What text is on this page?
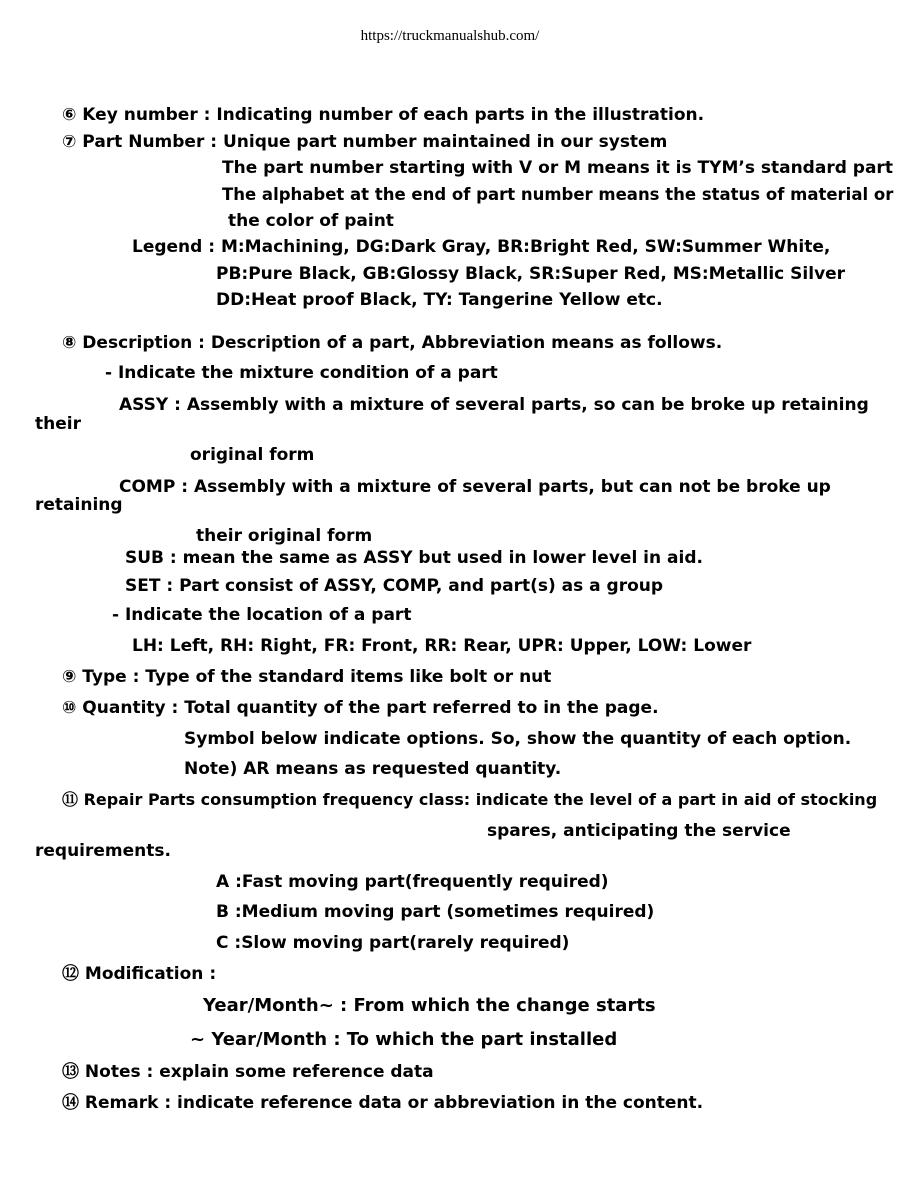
https://truckmanualshub.com/
⑥ Key number : Indicating number of each parts in the illustration.
⑦ Part Number : Unique part number maintained in our system
The part number starting with V or M means it is TYM’s standard part
The alphabet at the end of part number means the status of material or
the color of paint
Legend : M:Machining, DG:Dark Gray, BR:Bright Red, SW:Summer White,
PB:Pure Black, GB:Glossy Black, SR:Super Red, MS:Metallic Silver
DD:Heat proof Black, TY: Tangerine Yellow etc.
⑧ Description : Description of a part, Abbreviation means as follows.
- Indicate the mixture condition of a part
ASSY : Assembly with a mixture of several parts, so can be broke up retaining
their
original form
COMP : Assembly with a mixture of several parts, but can not be broke up
retaining
their original form
SUB : mean the same as ASSY but used in lower level in aid.
SET : Part consist of ASSY, COMP, and part(s) as a group
- Indicate the location of a part
LH: Left, RH: Right, FR: Front, RR: Rear, UPR: Upper, LOW: Lower
⑨ Type : Type of the standard items like bolt or nut
⑩ Quantity : Total quantity of the part referred to in the page.
Symbol below indicate options. So, show the quantity of each option.
Note) AR means as requested quantity.
⑪ Repair Parts consumption frequency class: indicate the level of a part in aid of stocking
spares, anticipating the service
requirements.
A :Fast moving part(frequently required)
B :Medium moving part (sometimes required)
C :Slow moving part(rarely required)
⑫ Modification :
Year/Month~ : From which the change starts
~ Year/Month : To which the part installed
⑬ Notes : explain some reference data
⑭ Remark : indicate reference data or abbreviation in the content.
